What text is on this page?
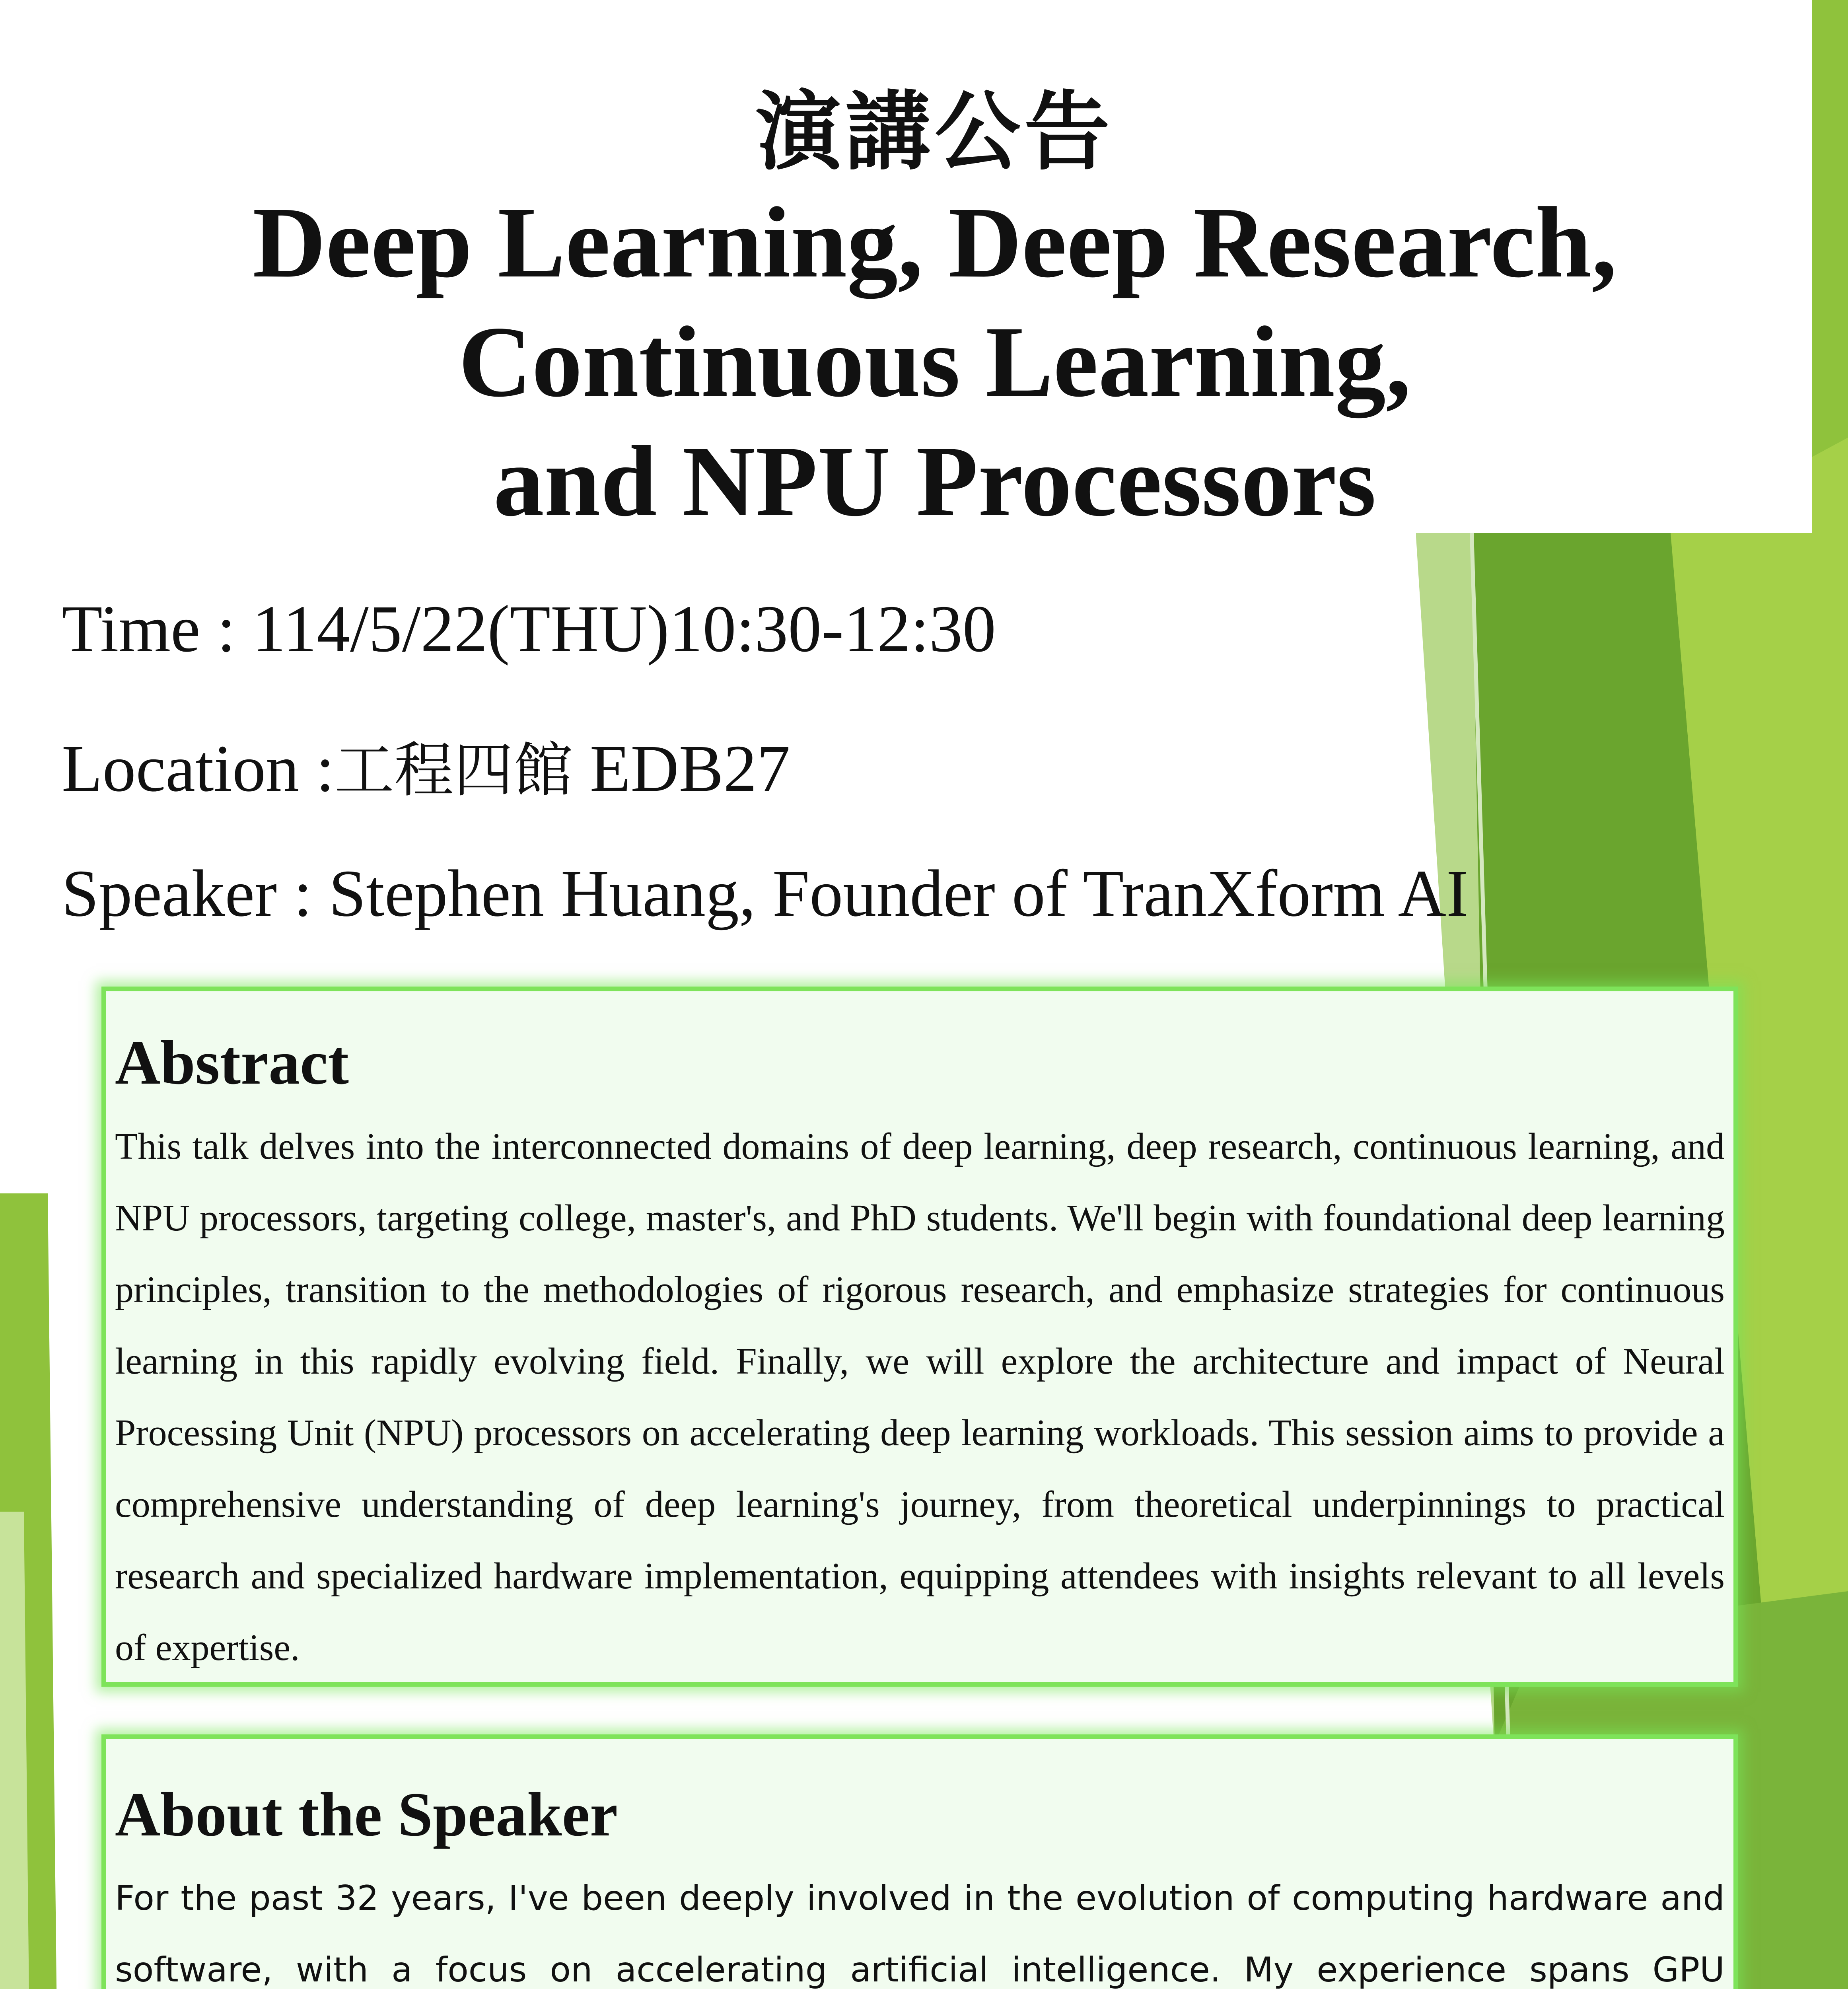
演講公告
Deep Learning, Deep Research,
Continuous Learning,
and NPU Processors
Time : 114/5/22(THU)10:30-12:30
Location :工程四館 EDB27
Speaker : Stephen Huang, Founder of TranXform AI
Abstract

This talk delves into the interconnected domains of deep learning, deep research, continuous learning, and NPU processors, targeting college, master's, and PhD students. We'll begin with foundational deep learning principles, transition to the methodologies of rigorous research, and emphasize strategies for continuous learning in this rapidly evolving field. Finally, we will explore the architecture and impact of Neural Processing Unit (NPU) processors on accelerating deep learning workloads. This session aims to provide a comprehensive understanding of deep learning's journey, from theoretical underpinnings to practical research and specialized hardware implementation, equipping attendees with insights relevant to all levels of expertise.

About the Speaker

For the past 32 years, I've been deeply involved in the evolution of computing hardware and software, with a focus on accelerating artificial intelligence. My experience spans GPU
